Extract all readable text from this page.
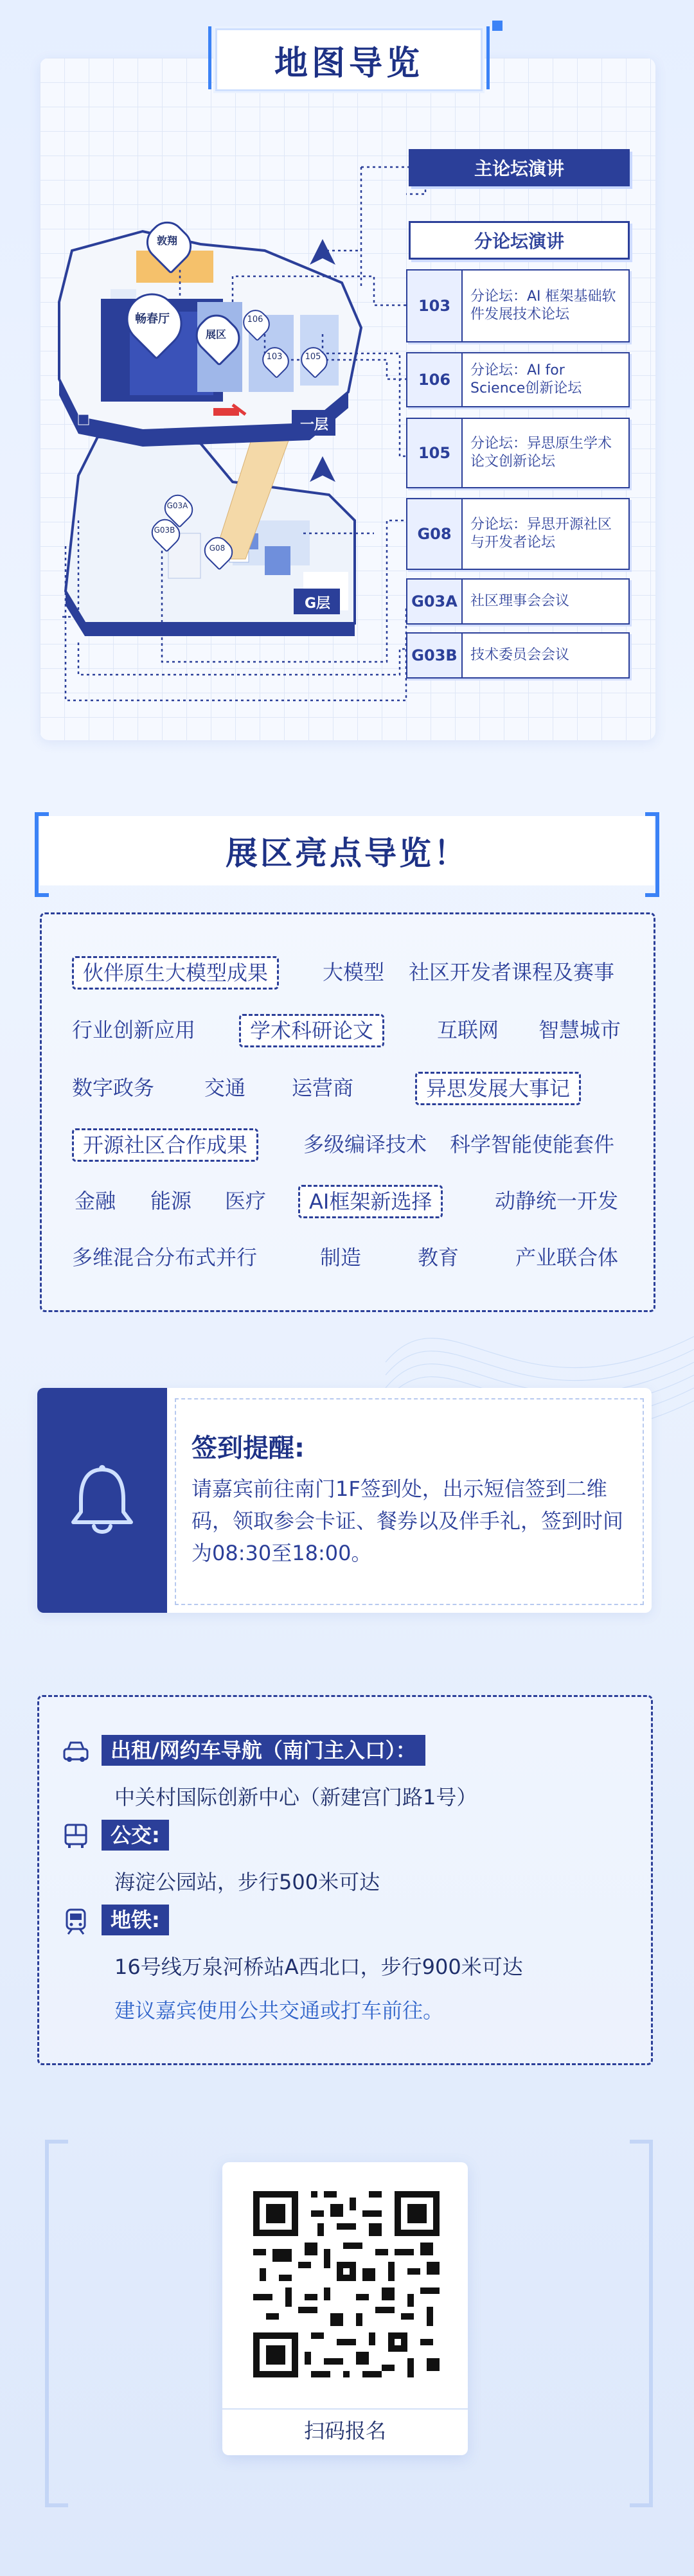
地图导览
敦翔
畅春厅
展区
106
103	105
G03A
G03B
G08
一层
G层
主论坛演讲
分论坛演讲
103
分论坛：AI 框架基础软件发展技术论坛
106
分论坛：AI for Science创新论坛
105
分论坛：异思原生学术论文创新论坛
G08
分论坛：异思开源社区与开发者论坛
G03A 社区理事会会议
G03B 技术委员会会议
展区亮点导览！
伙伴原生大模型成果	大模型 社区开发者课程及赛事
行业创新应用	学术科研论文	互联网 智慧城市
数字政务 交通 运营商	异思发展大事记
开源社区合作成果	多级编译技术 科学智能使能套件
金融 能源 医疗	AI框架新选择	动静统一开发
多维混合分布式并行	制造	教育	产业联合体
签到提醒:
请嘉宾前往南门1F签到处，出示短信签到二维码，领取参会卡证、餐券以及伴手礼，签到时间为08:30至18:00。
出租/网约车导航（南门主入口）：
中关村国际创新中心（新建宫门路1号）
公交:
海淀公园站，步行500米可达
地铁:
16号线万泉河桥站A西北口，步行900米可达
建议嘉宾使用公共交通或打车前往。
扫码报名
